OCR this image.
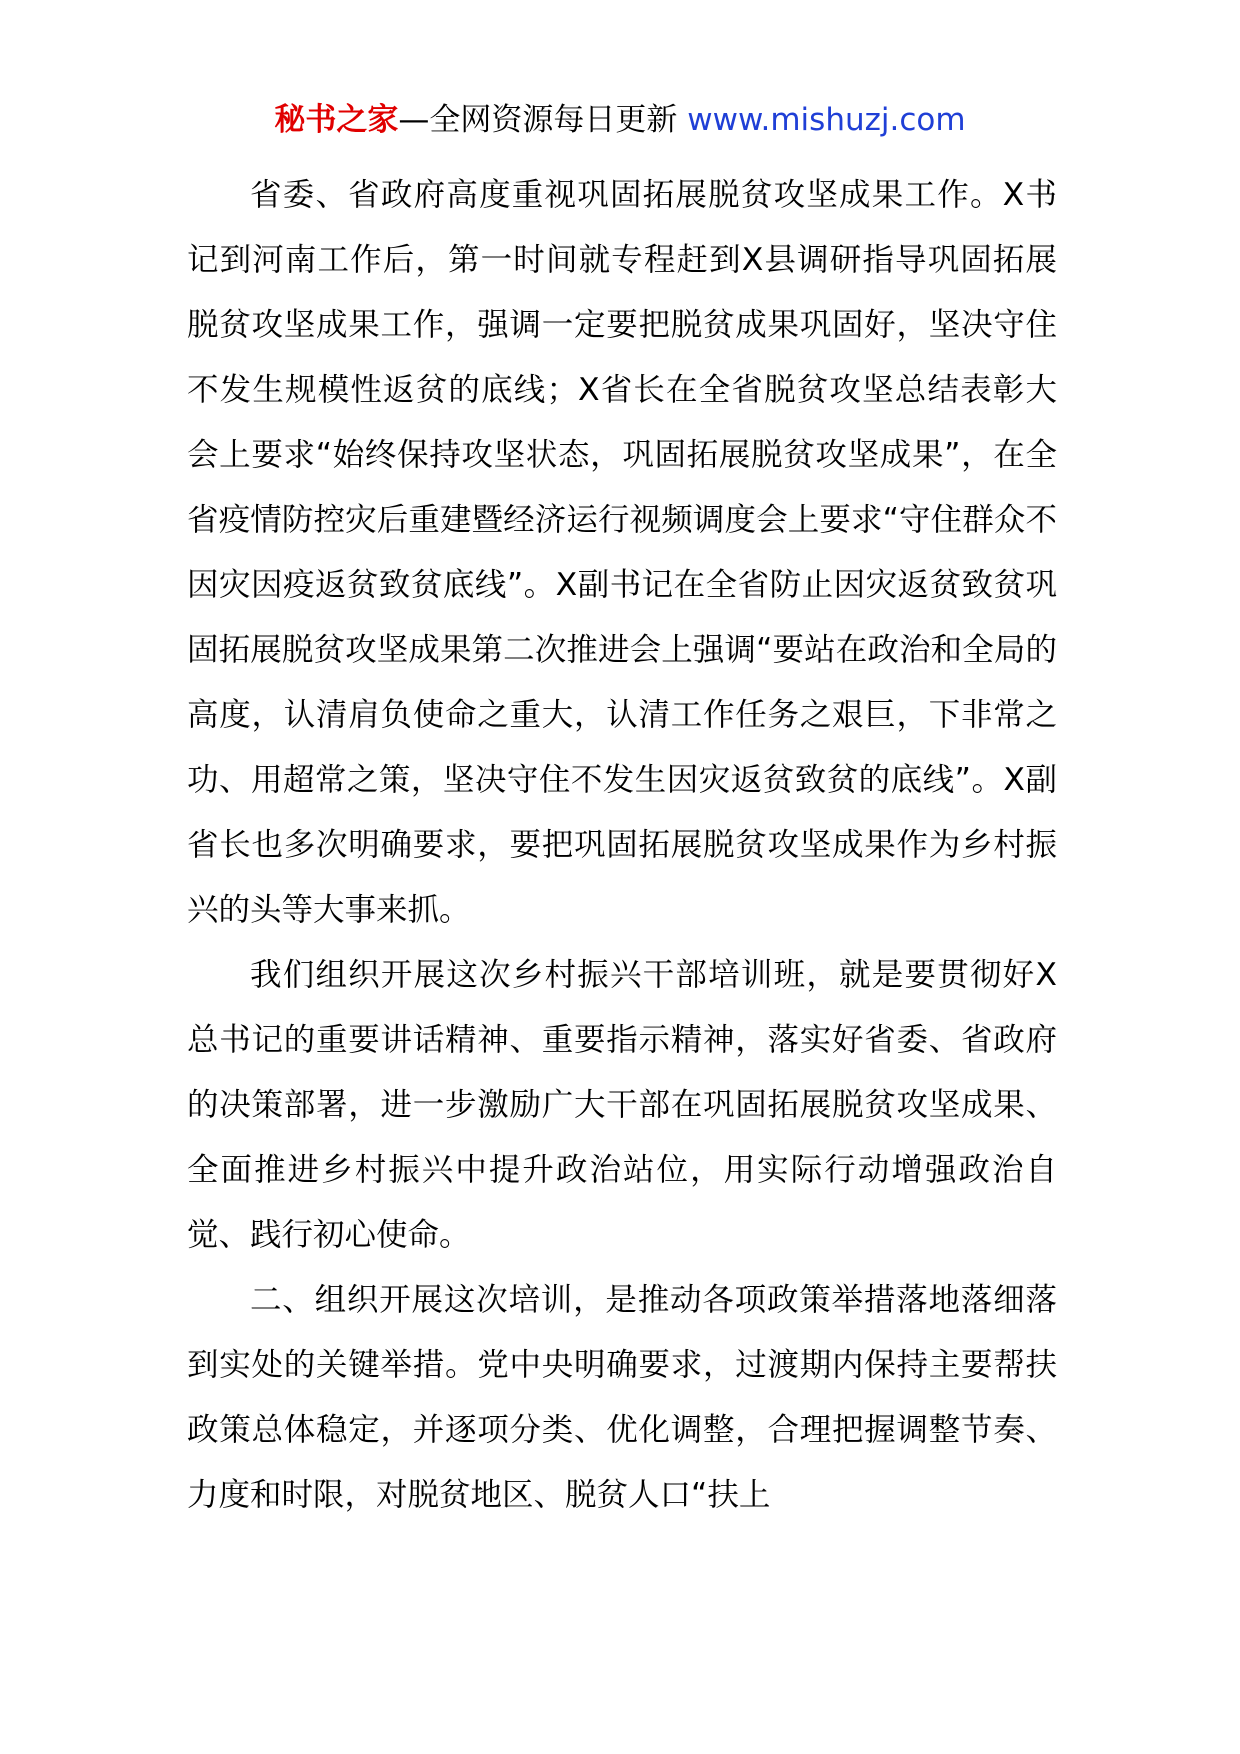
秘书之家—全网资源每日更新 www.mishuzj.com

省委、省政府高度重视巩固拓展脱贫攻坚成果工作。X书记到河南工作后，第一时间就专程赶到X县调研指导巩固拓展脱贫攻坚成果工作，强调一定要把脱贫成果巩固好，坚决守住不发生规模性返贫的底线；X省长在全省脱贫攻坚总结表彰大会上要求“始终保持攻坚状态，巩固拓展脱贫攻坚成果”，在全省疫情防控灾后重建暨经济运行视频调度会上要求“守住群众不因灾因疫返贫致贫底线”。X副书记在全省防止因灾返贫致贫巩固拓展脱贫攻坚成果第二次推进会上强调“要站在政治和全局的高度，认清肩负使命之重大，认清工作任务之艰巨，下非常之功、用超常之策，坚决守住不发生因灾返贫致贫的底线”。X副省长也多次明确要求，要把巩固拓展脱贫攻坚成果作为乡村振兴的头等大事来抓。

我们组织开展这次乡村振兴干部培训班，就是要贯彻好X总书记的重要讲话精神、重要指示精神，落实好省委、省政府的决策部署，进一步激励广大干部在巩固拓展脱贫攻坚成果、全面推进乡村振兴中提升政治站位，用实际行动增强政治自觉、践行初心使命。

二、组织开展这次培训，是推动各项政策举措落地落细落到实处的关键举措。党中央明确要求，过渡期内保持主要帮扶政策总体稳定，并逐项分类、优化调整，合理把握调整节奏、力度和时限，对脱贫地区、脱贫人口“扶上
